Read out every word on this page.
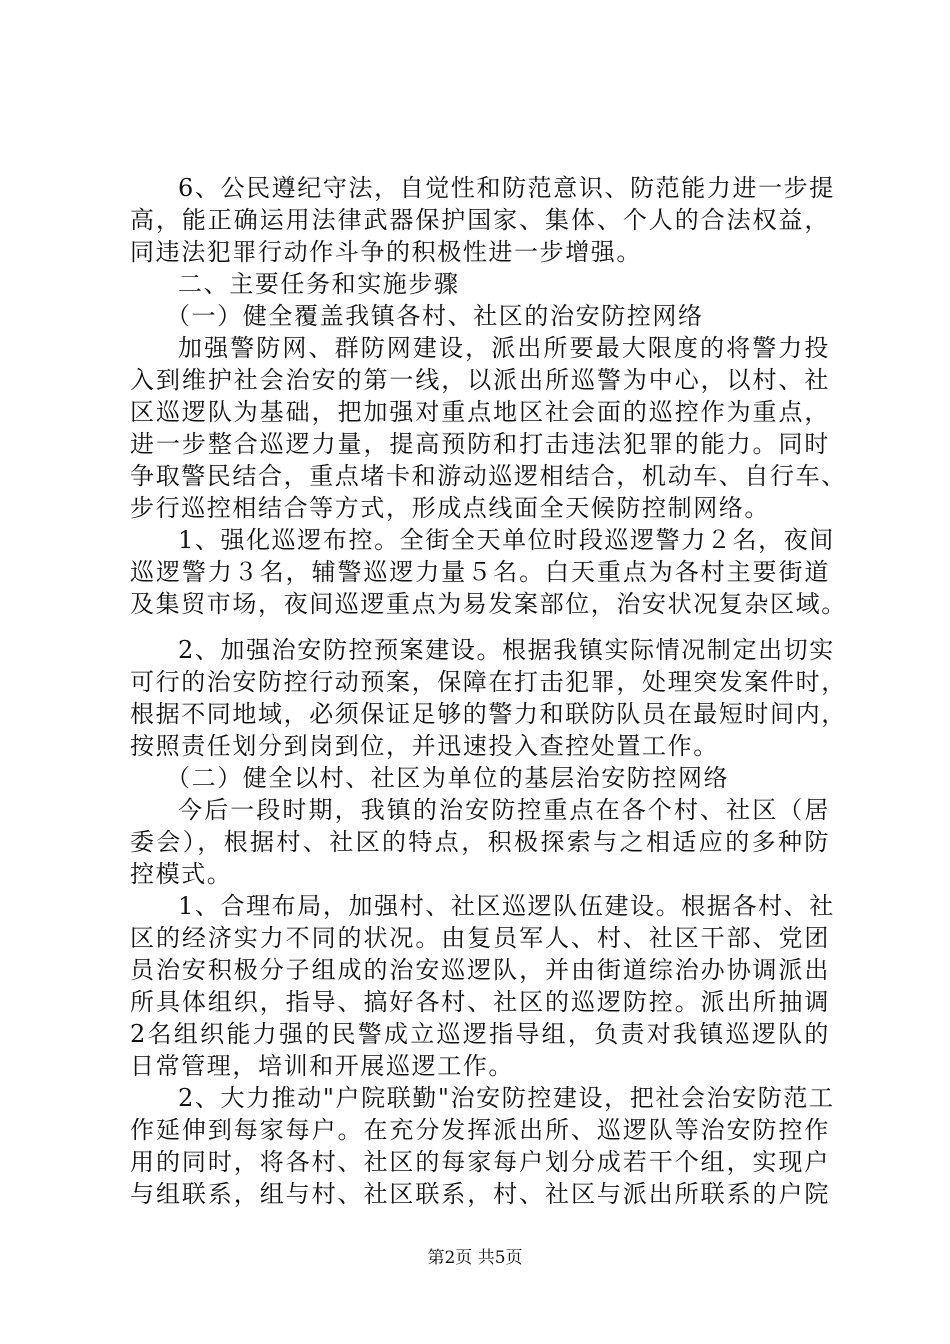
6、公民遵纪守法，自觉性和防范意识、防范能力进一步提
高，能正确运用法律武器保护国家、集体、个人的合法权益，
同违法犯罪行动作斗争的积极性进一步增强。
二、主要任务和实施步骤
（一）健全覆盖我镇各村、社区的治安防控网络
加强警防网、群防网建设，派出所要最大限度的将警力投
入到维护社会治安的第一线，以派出所巡警为中心，以村、社
区巡逻队为基础，把加强对重点地区社会面的巡控作为重点，
进一步整合巡逻力量，提高预防和打击违法犯罪的能力。同时
争取警民结合，重点堵卡和游动巡逻相结合，机动车、自行车、
步行巡控相结合等方式，形成点线面全天候防控制网络。
1、强化巡逻布控。全街全天单位时段巡逻警力２名，夜间
巡逻警力３名，辅警巡逻力量５名。白天重点为各村主要街道
及集贸市场，夜间巡逻重点为易发案部位，治安状况复杂区域。
2、加强治安防控预案建设。根据我镇实际情况制定出切实
可行的治安防控行动预案，保障在打击犯罪，处理突发案件时，
根据不同地域，必须保证足够的警力和联防队员在最短时间内，
按照责任划分到岗到位，并迅速投入查控处置工作。
（二）健全以村、社区为单位的基层治安防控网络
今后一段时期，我镇的治安防控重点在各个村、社区（居
委会），根据村、社区的特点，积极探索与之相适应的多种防
控模式。
1、合理布局，加强村、社区巡逻队伍建设。根据各村、社
区的经济实力不同的状况。由复员军人、村、社区干部、党团
员治安积极分子组成的治安巡逻队，并由街道综治办协调派出
所具体组织，指导、搞好各村、社区的巡逻防控。派出所抽调
2名组织能力强的民警成立巡逻指导组，负责对我镇巡逻队的
日常管理，培训和开展巡逻工作。
2、大力推动"户院联勤"治安防控建设，把社会治安防范工
作延伸到每家每户。在充分发挥派出所、巡逻队等治安防控作
用的同时，将各村、社区的每家每户划分成若干个组，实现户
与组联系，组与村、社区联系，村、社区与派出所联系的户院
第2页 共5页
